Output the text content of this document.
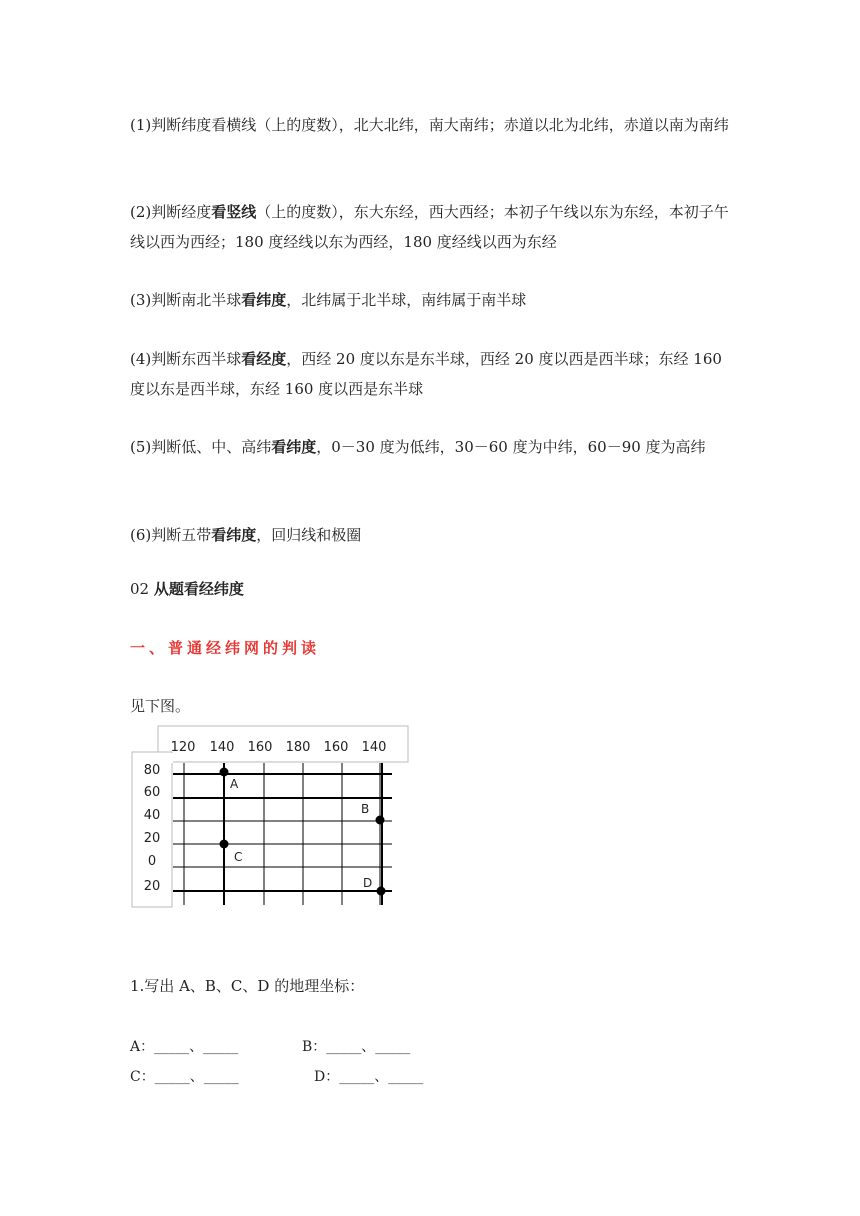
(1)判断纬度看横线（上的度数），北大北纬，南大南纬；赤道以北为北纬，赤道以南为南纬

(2)判断经度看竖线（上的度数），东大东经，西大西经；本初子午线以东为东经，本初子午线以西为西经；180 度经线以东为西经，180 度经线以西为东经

(3)判断南北半球看纬度，北纬属于北半球，南纬属于南半球

(4)判断东西半球看经度，西经 20 度以东是东半球，西经 20 度以西是西半球；东经 160 度以东是西半球，东经 160 度以西是东半球

(5)判断低、中、高纬看纬度，0－30 度为低纬，30－60 度为中纬，60－90 度为高纬

(6)判断五带看纬度，回归线和极圈

02 从题看经纬度
一、普通经纬网的判读
见下图。
120 140 160 180 160 140
80
60
40
20
0
20
A
B
C
D
1.写出 A、B、C、D 的地理坐标：
A：_____、_____	B：_____、_____
C：_____、_____	D：_____、_____
